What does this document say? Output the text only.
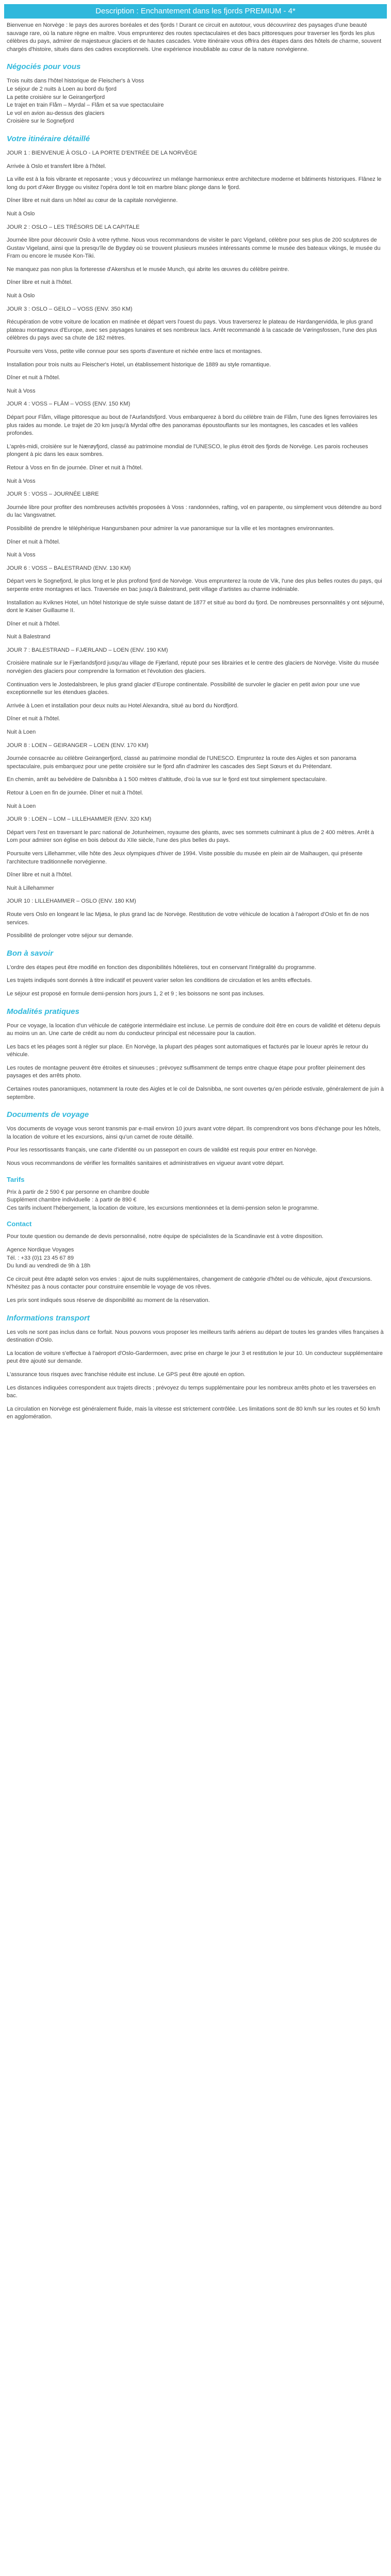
Description : Enchantement dans les fjords PREMIUM - 4*

Bienvenue en Norvège : le pays des aurores boréales et des fjords ! Durant ce circuit en autotour, vous découvrirez des paysages d'une beauté sauvage rare, où la nature règne en maître. Vous emprunterez des routes spectaculaires et des bacs pittoresques pour traverser les fjords les plus célèbres du pays, admirer de majestueux glaciers et de hautes cascades. Votre itinéraire vous offrira des étapes dans des hôtels de charme, souvent chargés d'histoire, situés dans des cadres exceptionnels. Une expérience inoubliable au cœur de la nature norvégienne.

Négociés pour vous
Trois nuits dans l'hôtel historique de Fleischer's à Voss
Le séjour de 2 nuits à Loen au bord du fjord
La petite croisière sur le Geirangerfjord
Le trajet en train Flåm – Myrdal – Flåm et sa vue spectaculaire
Le vol en avion au-dessus des glaciers
Croisière sur le Sognefjord
Votre itinéraire détaillé

JOUR 1 : BIENVENUE À OSLO - LA PORTE D'ENTRÉE DE LA NORVÈGE

Arrivée à Oslo et transfert libre à l'hôtel.

La ville est à la fois vibrante et reposante ; vous y découvrirez un mélange harmonieux entre architecture moderne et bâtiments historiques. Flânez le long du port d'Aker Brygge ou visitez l'opéra dont le toit en marbre blanc plonge dans le fjord.

Dîner libre et nuit dans un hôtel au cœur de la capitale norvégienne.

Nuit à Oslo

JOUR 2 : OSLO – LES TRÉSORS DE LA CAPITALE

Journée libre pour découvrir Oslo à votre rythme. Nous vous recommandons de visiter le parc Vigeland, célèbre pour ses plus de 200 sculptures de Gustav Vigeland, ainsi que la presqu'île de Bygdøy où se trouvent plusieurs musées intéressants comme le musée des bateaux vikings, le musée du Fram ou encore le musée Kon-Tiki.

Ne manquez pas non plus la forteresse d'Akershus et le musée Munch, qui abrite les œuvres du célèbre peintre.

Dîner libre et nuit à l'hôtel.

Nuit à Oslo

JOUR 3 : OSLO – GEILO – VOSS (ENV. 350 KM)

Récupération de votre voiture de location en matinée et départ vers l'ouest du pays. Vous traverserez le plateau de Hardangervidda, le plus grand plateau montagneux d'Europe, avec ses paysages lunaires et ses nombreux lacs. Arrêt recommandé à la cascade de Vøringsfossen, l'une des plus célèbres du pays avec sa chute de 182 mètres.

Poursuite vers Voss, petite ville connue pour ses sports d'aventure et nichée entre lacs et montagnes.

Installation pour trois nuits au Fleischer's Hotel, un établissement historique de 1889 au style romantique.

Dîner et nuit à l'hôtel.

Nuit à Voss

JOUR 4 : VOSS – FLÅM – VOSS (ENV. 150 KM)

Départ pour Flåm, village pittoresque au bout de l'Aurlandsfjord. Vous embarquerez à bord du célèbre train de Flåm, l'une des lignes ferroviaires les plus raides au monde. Le trajet de 20 km jusqu'à Myrdal offre des panoramas époustouflants sur les montagnes, les cascades et les vallées profondes.

L'après-midi, croisière sur le Nærøyfjord, classé au patrimoine mondial de l'UNESCO, le plus étroit des fjords de Norvège. Les parois rocheuses plongent à pic dans les eaux sombres.

Retour à Voss en fin de journée. Dîner et nuit à l'hôtel.

Nuit à Voss

JOUR 5 : VOSS – JOURNÉE LIBRE

Journée libre pour profiter des nombreuses activités proposées à Voss : randonnées, rafting, vol en parapente, ou simplement vous détendre au bord du lac Vangsvatnet.

Possibilité de prendre le téléphérique Hangursbanen pour admirer la vue panoramique sur la ville et les montagnes environnantes.

Dîner et nuit à l'hôtel.

Nuit à Voss

JOUR 6 : VOSS – BALESTRAND (ENV. 130 KM)

Départ vers le Sognefjord, le plus long et le plus profond fjord de Norvège. Vous emprunterez la route de Vik, l'une des plus belles routes du pays, qui serpente entre montagnes et lacs. Traversée en bac jusqu'à Balestrand, petit village d'artistes au charme indéniable.

Installation au Kviknes Hotel, un hôtel historique de style suisse datant de 1877 et situé au bord du fjord. De nombreuses personnalités y ont séjourné, dont le Kaiser Guillaume II.

Dîner et nuit à l'hôtel.

Nuit à Balestrand

JOUR 7 : BALESTRAND – FJÆRLAND – LOEN (ENV. 190 KM)

Croisière matinale sur le Fjærlandsfjord jusqu'au village de Fjærland, réputé pour ses librairies et le centre des glaciers de Norvège. Visite du musée norvégien des glaciers pour comprendre la formation et l'évolution des glaciers.

Continuation vers le Jostedalsbreen, le plus grand glacier d'Europe continentale. Possibilité de survoler le glacier en petit avion pour une vue exceptionnelle sur les étendues glacées.

Arrivée à Loen et installation pour deux nuits au Hotel Alexandra, situé au bord du Nordfjord.

Dîner et nuit à l'hôtel.

Nuit à Loen

JOUR 8 : LOEN – GEIRANGER – LOEN (ENV. 170 KM)

Journée consacrée au célèbre Geirangerfjord, classé au patrimoine mondial de l'UNESCO. Empruntez la route des Aigles et son panorama spectaculaire, puis embarquez pour une petite croisière sur le fjord afin d'admirer les cascades des Sept Sœurs et du Prétendant.

En chemin, arrêt au belvédère de Dalsnibba à 1 500 mètres d'altitude, d'où la vue sur le fjord est tout simplement spectaculaire.

Retour à Loen en fin de journée. Dîner et nuit à l'hôtel.

Nuit à Loen

JOUR 9 : LOEN – LOM – LILLEHAMMER (ENV. 320 KM)

Départ vers l'est en traversant le parc national de Jotunheimen, royaume des géants, avec ses sommets culminant à plus de 2 400 mètres. Arrêt à Lom pour admirer son église en bois debout du XIIe siècle, l'une des plus belles du pays.

Poursuite vers Lillehammer, ville hôte des Jeux olympiques d'hiver de 1994. Visite possible du musée en plein air de Maihaugen, qui présente l'architecture traditionnelle norvégienne.

Dîner libre et nuit à l'hôtel.

Nuit à Lillehammer

JOUR 10 : LILLEHAMMER – OSLO (ENV. 180 KM)

Route vers Oslo en longeant le lac Mjøsa, le plus grand lac de Norvège. Restitution de votre véhicule de location à l'aéroport d'Oslo et fin de nos services.

Possibilité de prolonger votre séjour sur demande.

Bon à savoir

L'ordre des étapes peut être modifié en fonction des disponibilités hôtelières, tout en conservant l'intégralité du programme.

Les trajets indiqués sont donnés à titre indicatif et peuvent varier selon les conditions de circulation et les arrêts effectués.

Le séjour est proposé en formule demi-pension hors jours 1, 2 et 9 ; les boissons ne sont pas incluses.

Modalités pratiques

Pour ce voyage, la location d'un véhicule de catégorie intermédiaire est incluse. Le permis de conduire doit être en cours de validité et détenu depuis au moins un an. Une carte de crédit au nom du conducteur principal est nécessaire pour la caution.

Les bacs et les péages sont à régler sur place. En Norvège, la plupart des péages sont automatiques et facturés par le loueur après le retour du véhicule.

Les routes de montagne peuvent être étroites et sinueuses ; prévoyez suffisamment de temps entre chaque étape pour profiter pleinement des paysages et des arrêts photo.

Certaines routes panoramiques, notamment la route des Aigles et le col de Dalsnibba, ne sont ouvertes qu'en période estivale, généralement de juin à septembre.

Documents de voyage

Vos documents de voyage vous seront transmis par e-mail environ 10 jours avant votre départ. Ils comprendront vos bons d'échange pour les hôtels, la location de voiture et les excursions, ainsi qu'un carnet de route détaillé.

Pour les ressortissants français, une carte d'identité ou un passeport en cours de validité est requis pour entrer en Norvège.

Nous vous recommandons de vérifier les formalités sanitaires et administratives en vigueur avant votre départ.

Tarifs
Prix à partir de 2 590 € par personne en chambre double
Supplément chambre individuelle : à partir de 890 €

Ces tarifs incluent l'hébergement, la location de voiture, les excursions mentionnées et la demi-pension selon le programme.

Contact

Pour toute question ou demande de devis personnalisé, notre équipe de spécialistes de la Scandinavie est à votre disposition.

Agence Nordique Voyages
Tél. : +33 (0)1 23 45 67 89

Du lundi au vendredi de 9h à 18h

Ce circuit peut être adapté selon vos envies : ajout de nuits supplémentaires, changement de catégorie d'hôtel ou de véhicule, ajout d'excursions. N'hésitez pas à nous contacter pour construire ensemble le voyage de vos rêves.

Les prix sont indiqués sous réserve de disponibilité au moment de la réservation.

Informations transport

Les vols ne sont pas inclus dans ce forfait. Nous pouvons vous proposer les meilleurs tarifs aériens au départ de toutes les grandes villes françaises à destination d'Oslo.

La location de voiture s'effectue à l'aéroport d'Oslo-Gardermoen, avec prise en charge le jour 3 et restitution le jour 10. Un conducteur supplémentaire peut être ajouté sur demande.

L'assurance tous risques avec franchise réduite est incluse. Le GPS peut être ajouté en option.

Les distances indiquées correspondent aux trajets directs ; prévoyez du temps supplémentaire pour les nombreux arrêts photo et les traversées en bac.

La circulation en Norvège est généralement fluide, mais la vitesse est strictement contrôlée. Les limitations sont de 80 km/h sur les routes et 50 km/h en agglomération.
